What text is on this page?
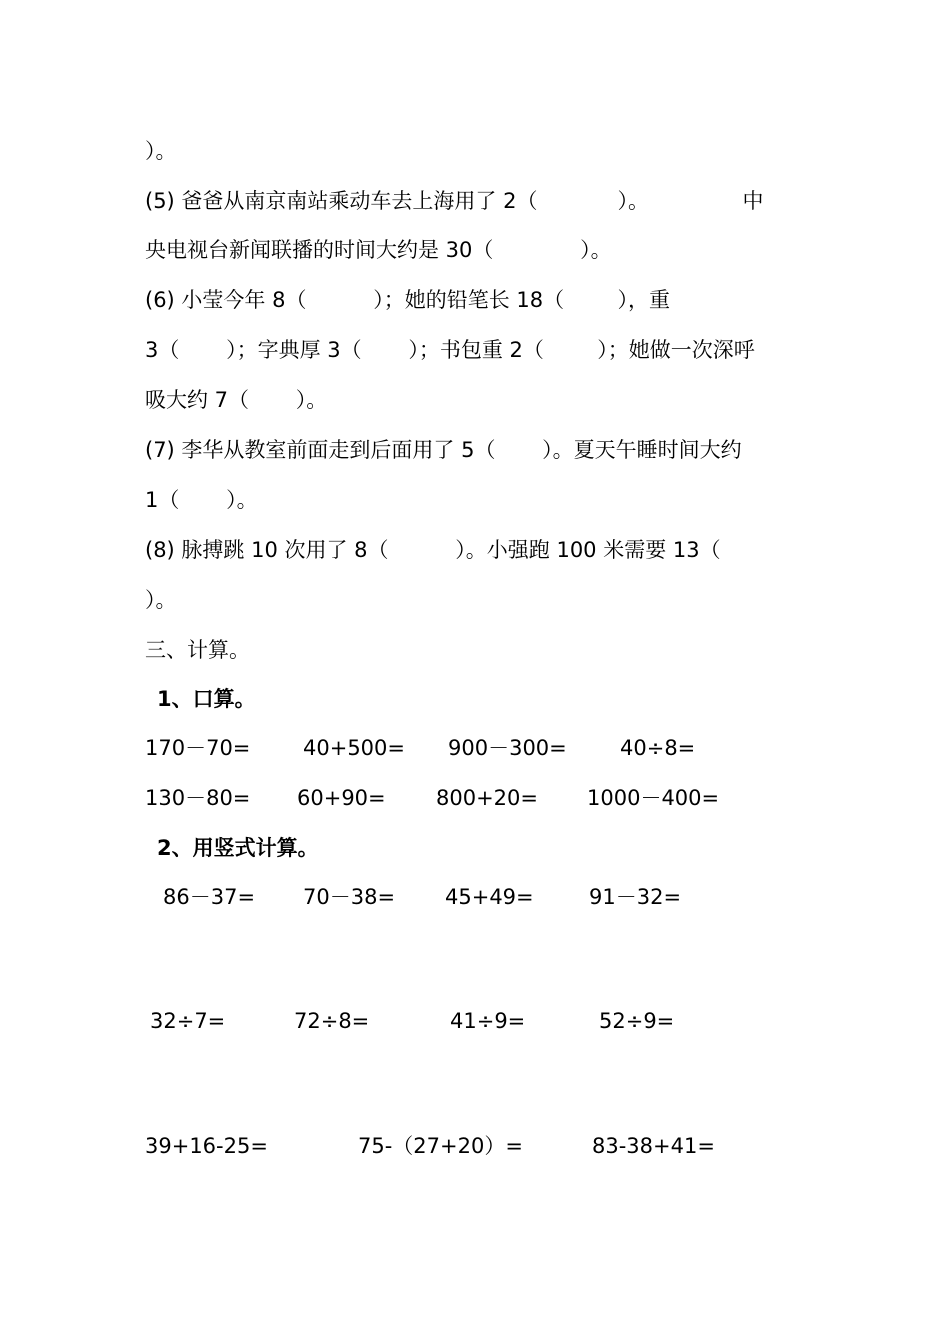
）。

(5) 爸爸从南京南站乘动车去上海用了 2（            ）。              中

央电视台新闻联播的时间大约是 30（             ）。

(6) 小莹今年 8（          ）；她的铅笔长 18（        ），重

3（       ）；字典厚 3（       ）；书包重 2（        ）；她做一次深呼

吸大约 7（       ）。

(7) 李华从教室前面走到后面用了 5（       ）。夏天午睡时间大约

1（       ）。

(8) 脉搏跳 10 次用了 8（          ）。小强跑 100 米需要 13（

）。

三、计算。

1、口算。

170－70=	40+500= 900－300=	40÷8=

130－80= 60+90= 800+20= 1000－400=

2、用竖式计算。

86－37= 70－38= 45+49=	91－32=

32÷7=	72÷8=	41÷9=	52÷9=

39+16-25=	75-（27+20）=	83-38+41=
